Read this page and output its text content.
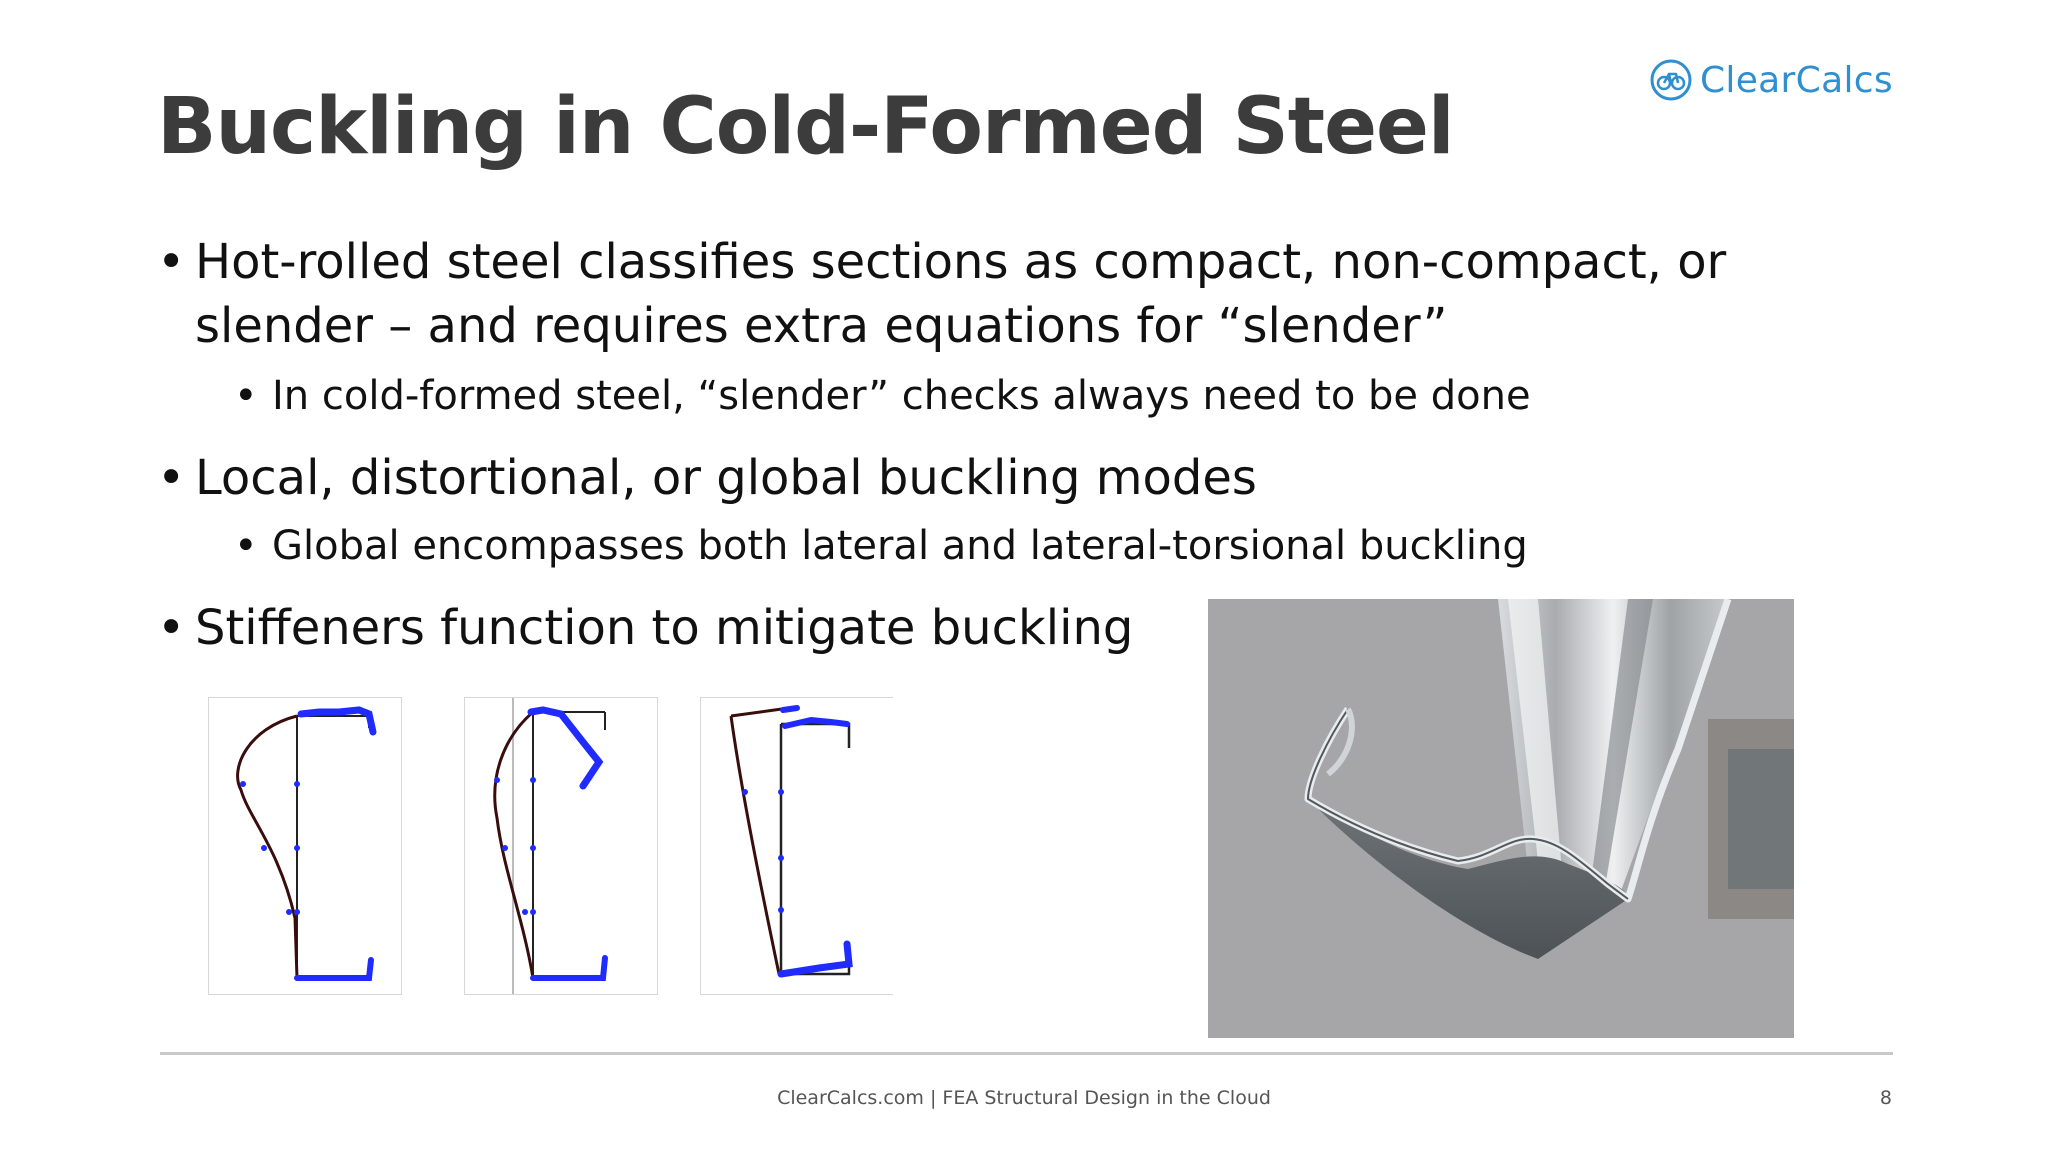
ClearCalcs
Buckling in Cold-Formed Steel
• Hot-rolled steel classifies sections as compact, non-compact, or slender – and requires extra equations for “slender”
• In cold-formed steel, “slender” checks always need to be done
• Local, distortional, or global buckling modes
• Global encompasses both lateral and lateral-torsional buckling
• Stiffeners function to mitigate buckling
ClearCalcs.com | FEA Structural Design in the Cloud	8
